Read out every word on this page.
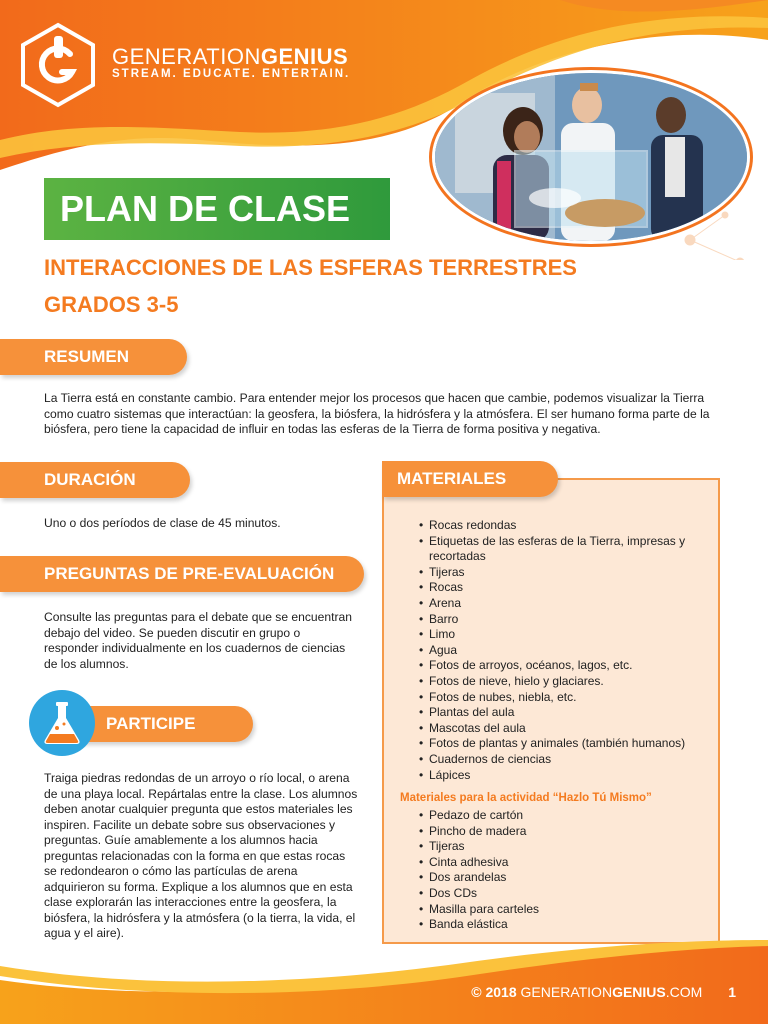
GENERATIONGENIUS
STREAM. EDUCATE. ENTERTAIN.
PLAN DE CLASE
INTERACCIONES DE LAS ESFERAS TERRESTRES
GRADOS 3-5
RESUMEN
La Tierra está en constante cambio. Para entender mejor los procesos que hacen que cambie, podemos visualizar la Tierra como cuatro sistemas que interactúan: la geosfera, la biósfera, la hidrósfera y la atmósfera. El ser humano forma parte de la biósfera, pero tiene la capacidad de influir en todas las esferas de la Tierra de forma positiva y negativa.
DURACIÓN
Uno o dos períodos de clase de 45 minutos.
PREGUNTAS DE PRE-EVALUACIÓN
Consulte las preguntas para el debate que se encuentran debajo del video. Se pueden discutir en grupo o responder individualmente en los cuadernos de ciencias de los alumnos.
PARTICIPE
Traiga piedras redondas de un arroyo o río local, o arena de una playa local. Repártalas entre la clase. Los alumnos deben anotar cualquier pregunta que estos materiales les inspiren. Facilite un debate sobre sus observaciones y preguntas. Guíe amablemente a los alumnos hacia preguntas relacionadas con la forma en que estas rocas se redondearon o cómo las partículas de arena adquirieron su forma. Explique a los alumnos que en esta clase explorarán las interacciones entre la geosfera, la biósfera, la hidrósfera y la atmósfera (o la tierra, la vida, el agua y el aire).
• Rocas redondas
• Etiquetas de las esferas de la Tierra, impresas y recortadas
• Tijeras
• Rocas
• Arena
• Barro
• Limo
• Agua
• Fotos de arroyos, océanos, lagos, etc.
• Fotos de nieve, hielo y glaciares.
• Fotos de nubes, niebla, etc.
• Plantas del aula
• Mascotas del aula
• Fotos de plantas y animales (también humanos)
• Cuadernos de ciencias
• Lápices
Materiales para la actividad “Hazlo Tú Mismo”
• Pedazo de cartón
• Pincho de madera
• Tijeras
• Cinta adhesiva
• Dos arandelas
• Dos CDs
• Masilla para carteles
• Banda elástica
MATERIALES
© 2018 GENERATIONGENIUS.COM 1
